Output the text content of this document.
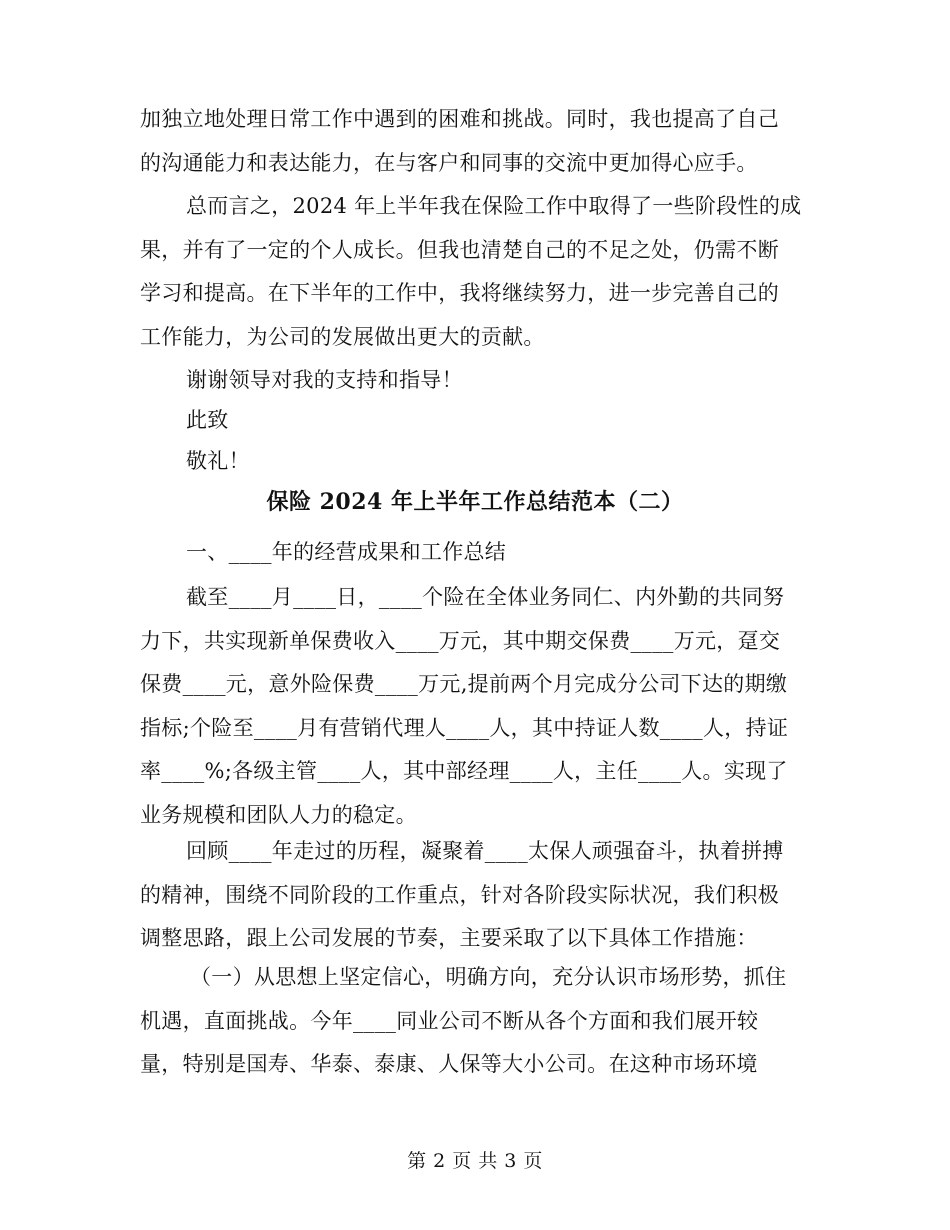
加独立地处理日常工作中遇到的困难和挑战。同时，我也提高了自己
的沟通能力和表达能力，在与客户和同事的交流中更加得心应手。

总而言之，2024 年上半年我在保险工作中取得了一些阶段性的成
果，并有了一定的个人成长。但我也清楚自己的不足之处，仍需不断
学习和提高。在下半年的工作中，我将继续努力，进一步完善自己的
工作能力，为公司的发展做出更大的贡献。

谢谢领导对我的支持和指导！

此致

敬礼！

保险 2024 年上半年工作总结范本（二）

一、____年的经营成果和工作总结

截至____月____日，____个险在全体业务同仁、内外勤的共同努
力下，共实现新单保费收入____万元，其中期交保费____万元，趸交
保费____元，意外险保费____万元,提前两个月完成分公司下达的期缴
指标;个险至____月有营销代理人____人，其中持证人数____人，持证
率____%;各级主管____人，其中部经理____人，主任____人。实现了
业务规模和团队人力的稳定。

回顾____年走过的历程，凝聚着____太保人顽强奋斗，执着拼搏
的精神，围绕不同阶段的工作重点，针对各阶段实际状况，我们积极
调整思路，跟上公司发展的节奏，主要采取了以下具体工作措施：

（一）从思想上坚定信心，明确方向，充分认识市场形势，抓住
机遇，直面挑战。今年____同业公司不断从各个方面和我们展开较
量，特别是国寿、华泰、泰康、人保等大小公司。在这种市场环境

第 2 页 共 3 页
